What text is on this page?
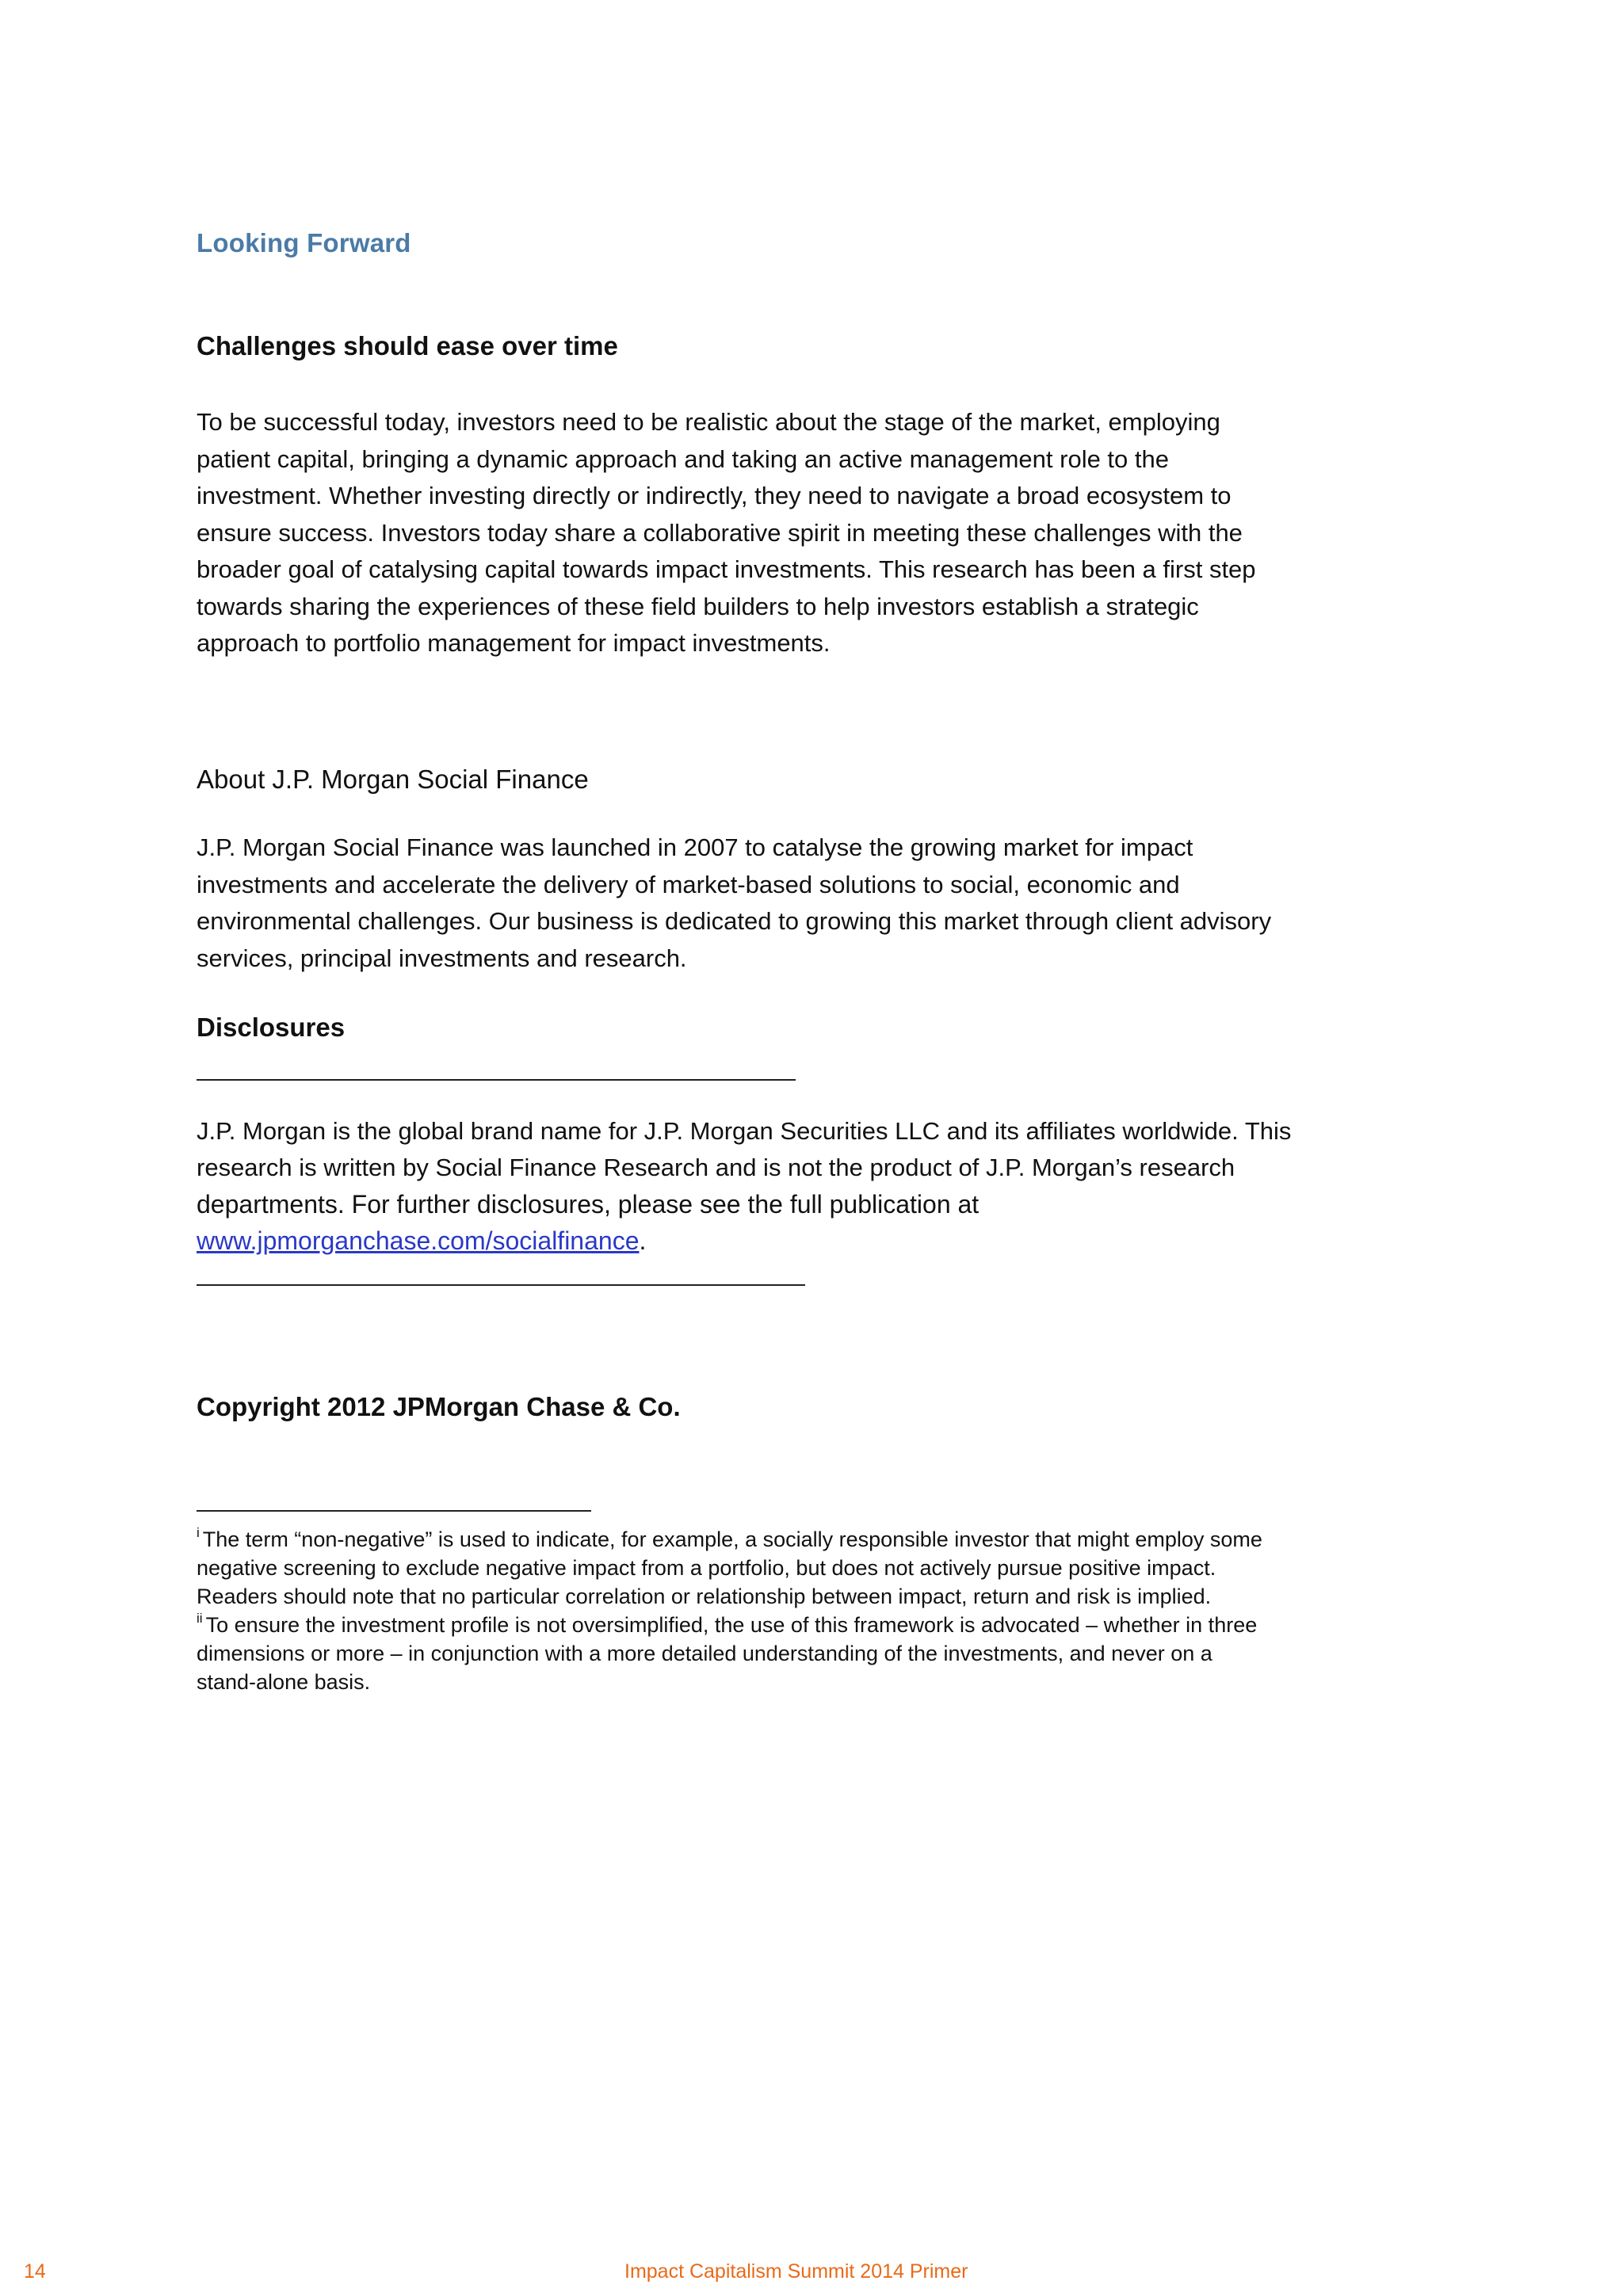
Looking Forward
Challenges should ease over time
To be successful today, investors need to be realistic about the stage of the market, employing
patient capital, bringing a dynamic approach and taking an active management role to the
investment. Whether investing directly or indirectly, they need to navigate a broad ecosystem to
ensure success. Investors today share a collaborative spirit in meeting these challenges with the
broader goal of catalysing capital towards impact investments. This research has been a first step
towards sharing the experiences of these field builders to help investors establish a strategic
approach to portfolio management for impact investments.
About J.P. Morgan Social Finance
J.P. Morgan Social Finance was launched in 2007 to catalyse the growing market for impact
investments and accelerate the delivery of market-based solutions to social, economic and
environmental challenges. Our business is dedicated to growing this market through client advisory
services, principal investments and research.
Disclosures
J.P. Morgan is the global brand name for J.P. Morgan Securities LLC and its affiliates worldwide. This
research is written by Social Finance Research and is not the product of J.P. Morgan’s research
departments. For further disclosures, please see the full publication at
www.jpmorganchase.com/socialfinance.
Copyright 2012 JPMorgan Chase & Co.
$^i$ The term “non-negative” is used to indicate, for example, a socially responsible investor that might employ some
negative screening to exclude negative impact from a portfolio, but does not actively pursue positive impact.
Readers should note that no particular correlation or relationship between impact, return and risk is implied.
$^{ii}$ To ensure the investment profile is not oversimplified, the use of this framework is advocated – whether in three
dimensions or more – in conjunction with a more detailed understanding of the investments, and never on a
stand-alone basis.

14	Impact Capitalism Summit 2014 Primer
